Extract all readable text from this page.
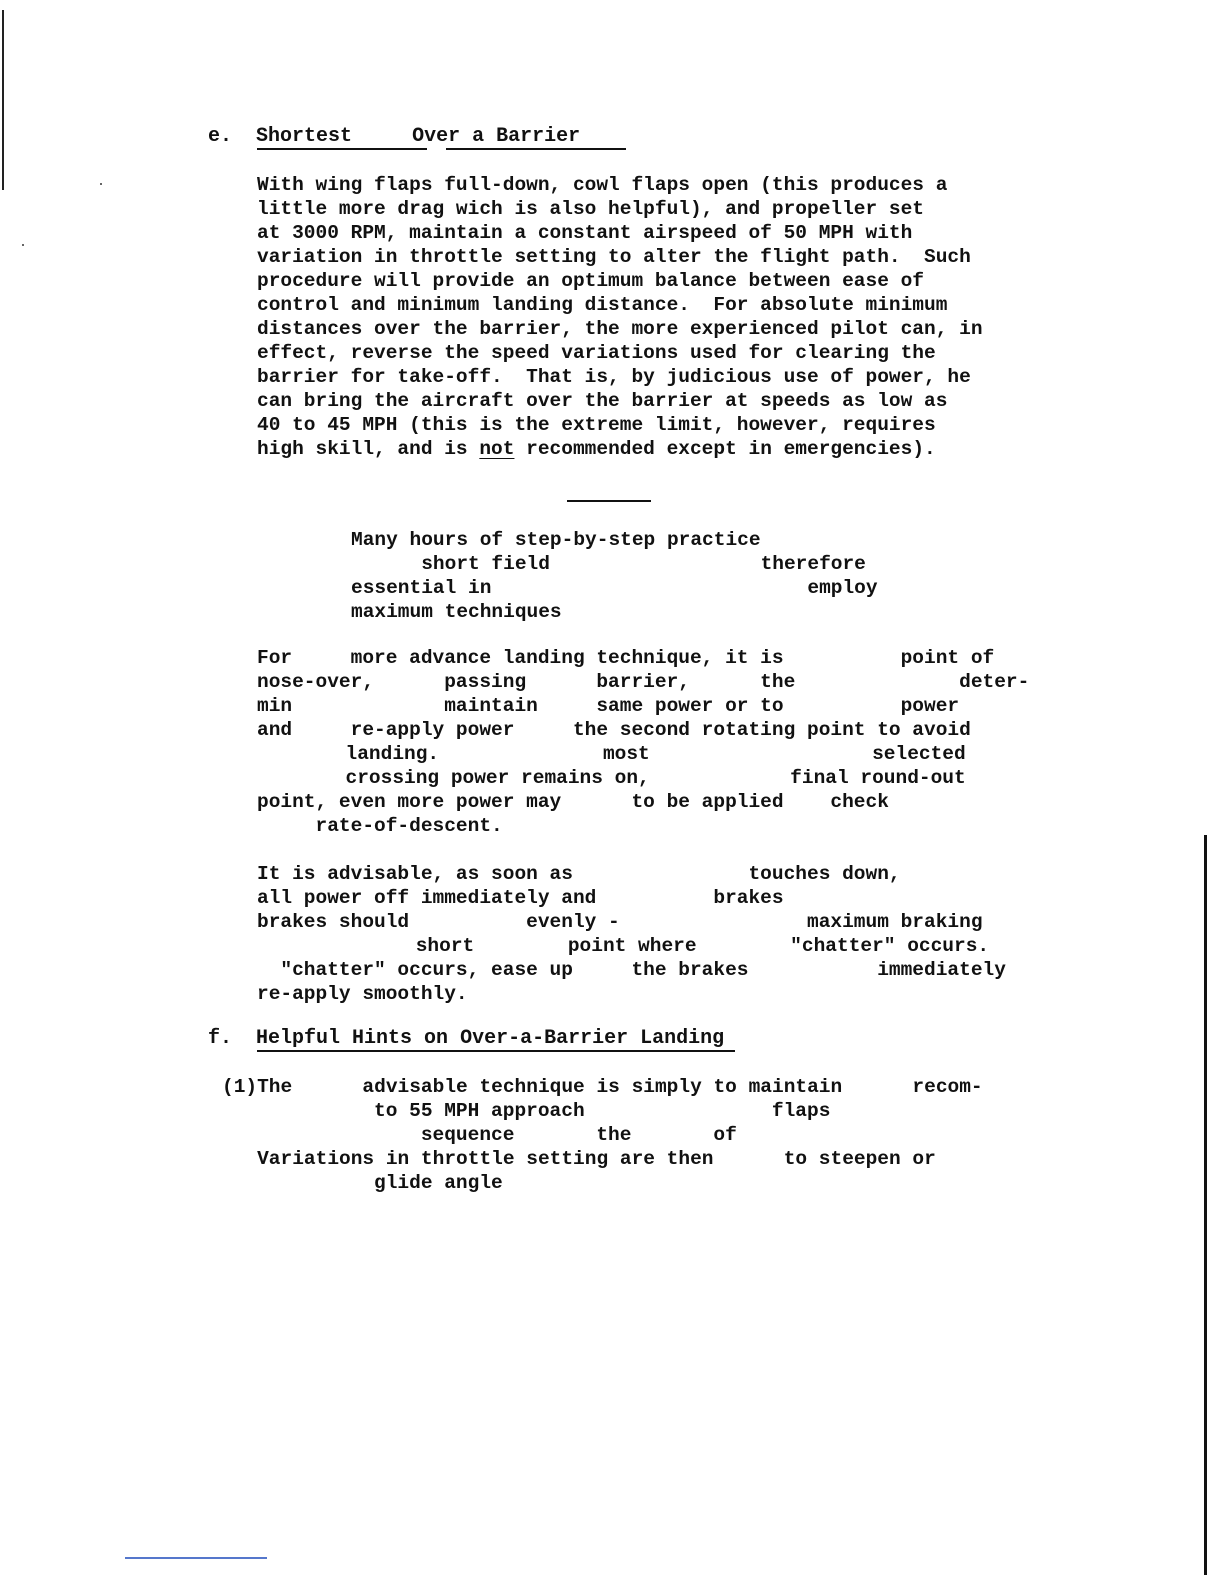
e. Shortest	Over a Barrier
With wing flaps full-down, cowl flaps open (this produces a
little more drag wich is also helpful), and propeller set
at 3000 RPM, maintain a constant airspeed of 50 MPH with
variation in throttle setting to alter the flight path.  Such
procedure will provide an optimum balance between ease of
control and minimum landing distance.  For absolute minimum
distances over the barrier, the more experienced pilot can, in
effect, reverse the speed variations used for clearing the
barrier for take-off.  That is, by judicious use of power, he
can bring the aircraft over the barrier at speeds as low as
40 to 45 MPH (this is the extreme limit, however, requires
high skill, and is not recommended except in emergencies).
Many hours of step-by-step practice
short field                  therefore
essential in                           employ
maximum techniques
For     more advance landing technique, it is          point of
nose-over,      passing      barrier,      the              deter-
min             maintain     same power or to          power
and     re-apply power     the second rotating point to avoid
landing.              most                   selected
crossing power remains on,            final round-out
point, even more power may      to be applied    check
rate-of-descent.
It is advisable, as soon as               touches down,
all power off immediately and          brakes
brakes should          evenly -                maximum braking
short        point where        "chatter" occurs.
"chatter" occurs, ease up     the brakes           immediately
re-apply smoothly.
f. Helpful Hints on Over-a-Barrier Landing
(1)The      advisable technique is simply to maintain      recom-
to 55 MPH approach                flaps
sequence       the       of
Variations in throttle setting are then      to steepen or
glide angle
